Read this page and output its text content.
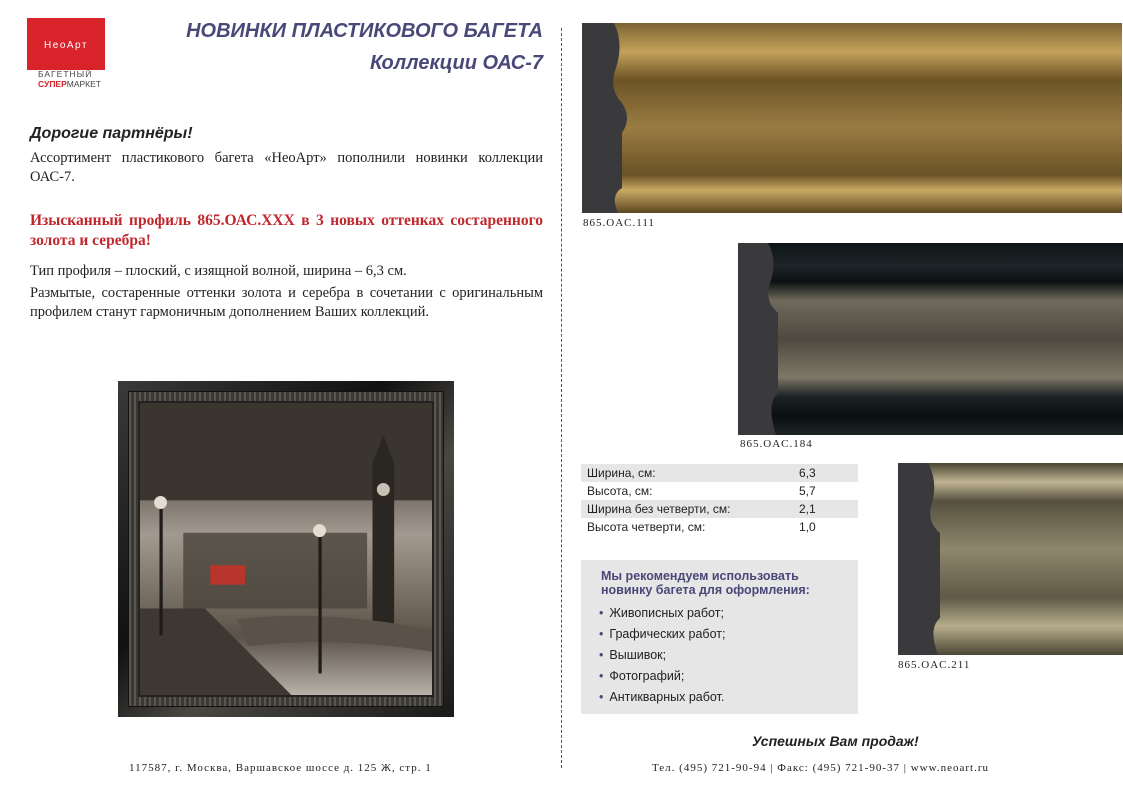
НеоАрт
БАГЕТНЫЙ
СУПЕРМАРКЕТ
НОВИНКИ ПЛАСТИКОВОГО БАГЕТА
Коллекции ОАС-7
Дорогие партнёры!
Ассортимент пластикового багета «НеоАрт» пополнили новинки коллекции ОАС-7.
Изысканный профиль 865.ОАС.ХХХ в 3 новых оттенках состаренного золота и серебра!
Тип профиля – плоский, с изящной волной, ширина – 6,3 см.
Размытые, состаренные оттенки золота и серебра в сочетании с оригинальным профилем станут гармоничным дополнением Ваших коллекций.
865.OAC.111
865.OAC.184
Ширина, см:	6,3
Высота, см:	5,7
Ширина без четверти, см:	2,1
Высота четверти, см:	1,0
865.OAC.211
Мы рекомендуем использовать новинку багета для оформления:
• Живописных работ;
• Графических работ;
• Вышивок;
• Фотографий;
• Антикварных работ.
Успешных Вам продаж!
117587, г. Москва, Варшавское шоссе д. 125 Ж, стр. 1	Тел. (495) 721-90-94 | Факс: (495) 721-90-37 | www.neoart.ru
